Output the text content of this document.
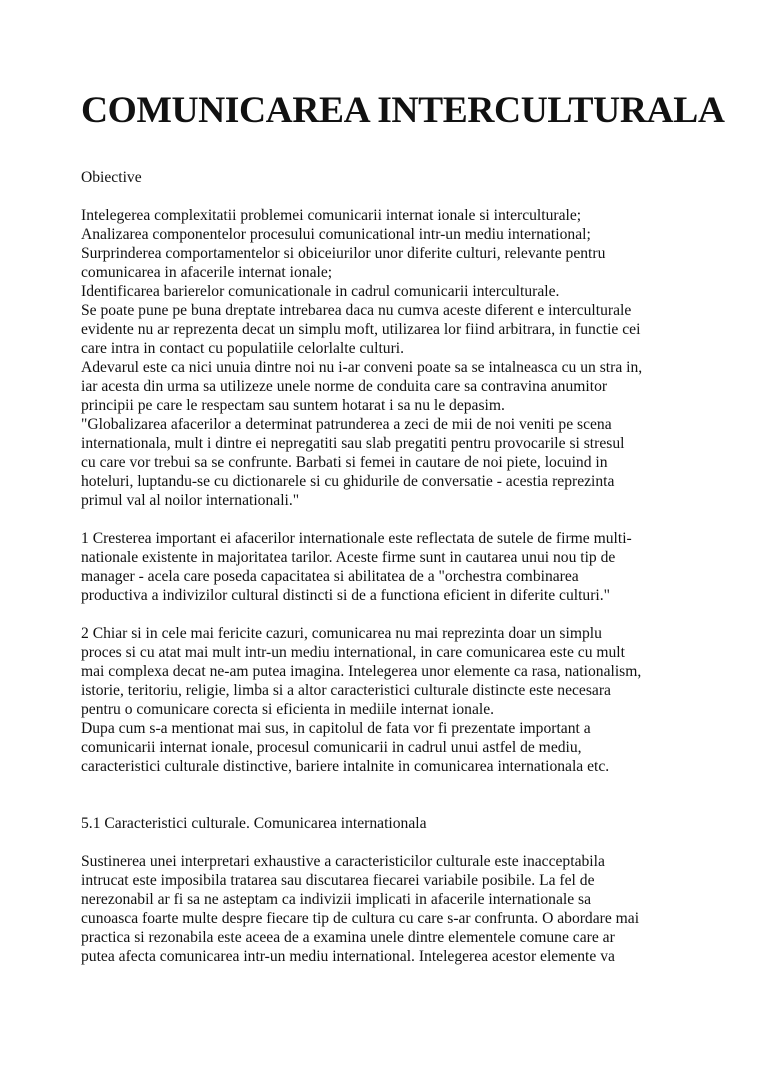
COMUNICAREA INTERCULTURALA
Obiective
Intelegerea complexitatii problemei comunicarii internat ionale si interculturale;
Analizarea componentelor procesului comunicational intr-un mediu international;
Surprinderea comportamentelor si obiceiurilor unor diferite culturi, relevante pentru
comunicarea in afacerile internat ionale;
Identificarea barierelor comunicationale in cadrul comunicarii interculturale.
Se poate pune pe buna dreptate intrebarea daca nu cumva aceste diferent e interculturale
evidente nu ar reprezenta decat un simplu moft, utilizarea lor fiind arbitrara, in functie cei
care intra in contact cu populatiile celorlalte culturi.
Adevarul este ca nici unuia dintre noi nu i-ar conveni poate sa se intalneasca cu un stra in,
iar acesta din urma sa utilizeze unele norme de conduita care sa contravina anumitor
principii pe care le respectam sau suntem hotarat i sa nu le depasim.
"Globalizarea afacerilor a determinat patrunderea a zeci de mii de noi veniti pe scena
internationala, mult i dintre ei nepregatiti sau slab pregatiti pentru provocarile si stresul
cu care vor trebui sa se confrunte. Barbati si femei in cautare de noi piete, locuind in
hoteluri, luptandu-se cu dictionarele si cu ghidurile de conversatie - acestia reprezinta
primul val al noilor internationali."
1 Cresterea important ei afacerilor internationale este reflectata de sutele de firme multi-
nationale existente in majoritatea tarilor. Aceste firme sunt in cautarea unui nou tip de
manager - acela care poseda capacitatea si abilitatea de a "orchestra combinarea
productiva a indivizilor cultural distincti si de a functiona eficient in diferite culturi."
2 Chiar si in cele mai fericite cazuri, comunicarea nu mai reprezinta doar un simplu
proces si cu atat mai mult intr-un mediu international, in care comunicarea este cu mult
mai complexa decat ne-am putea imagina. Intelegerea unor elemente ca rasa, nationalism,
istorie, teritoriu, religie, limba si a altor caracteristici culturale distincte este necesara
pentru o comunicare corecta si eficienta in mediile internat ionale.
Dupa cum s-a mentionat mai sus, in capitolul de fata vor fi prezentate important a
comunicarii internat ionale, procesul comunicarii in cadrul unui astfel de mediu,
caracteristici culturale distinctive, bariere intalnite in comunicarea internationala etc.
5.1 Caracteristici culturale. Comunicarea internationala
Sustinerea unei interpretari exhaustive a caracteristicilor culturale este inacceptabila
intrucat este imposibila tratarea sau discutarea fiecarei variabile posibile. La fel de
nerezonabil ar fi sa ne asteptam ca indivizii implicati in afacerile internationale sa
cunoasca foarte multe despre fiecare tip de cultura cu care s-ar confrunta. O abordare mai
practica si rezonabila este aceea de a examina unele dintre elementele comune care ar
putea afecta comunicarea intr-un mediu international. Intelegerea acestor elemente va
